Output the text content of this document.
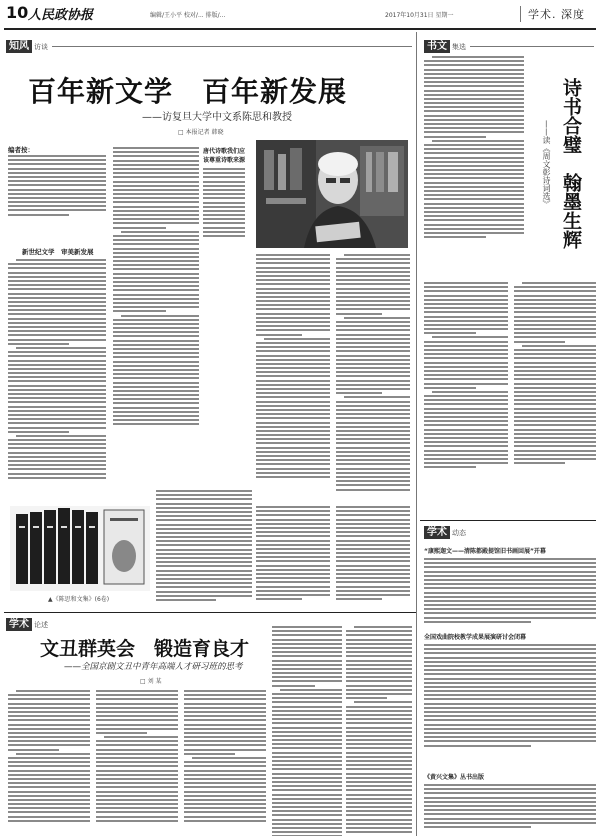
10 人民政协报	编辑/王小平 校对/... 排版/...	2017年10月31日 星期一	学术. 深度
知风 访谈
百年新文学　百年新发展
——访复旦大学中文系陈思和教授
□ 本报记者 韩晓
编者按：
新世纪文学　审美新发展
唐代诗歌我们应该尊重诗歌来源
▲《陈思和文集》(6卷)
书文 集选
诗书合璧　翰墨生辉
——读《周文彰诗词选》
学术 动态
“康熙迦文——清陈都殿提馆旧书画回展”开幕
全国戏曲院校教学成果展演研讨会闭幕
《黄兴文集》丛书出版
学术 论述
文丑群英会　锻造育良才
——全国京剧文丑中青年高端人才研习班的思考
□ 刘 某
